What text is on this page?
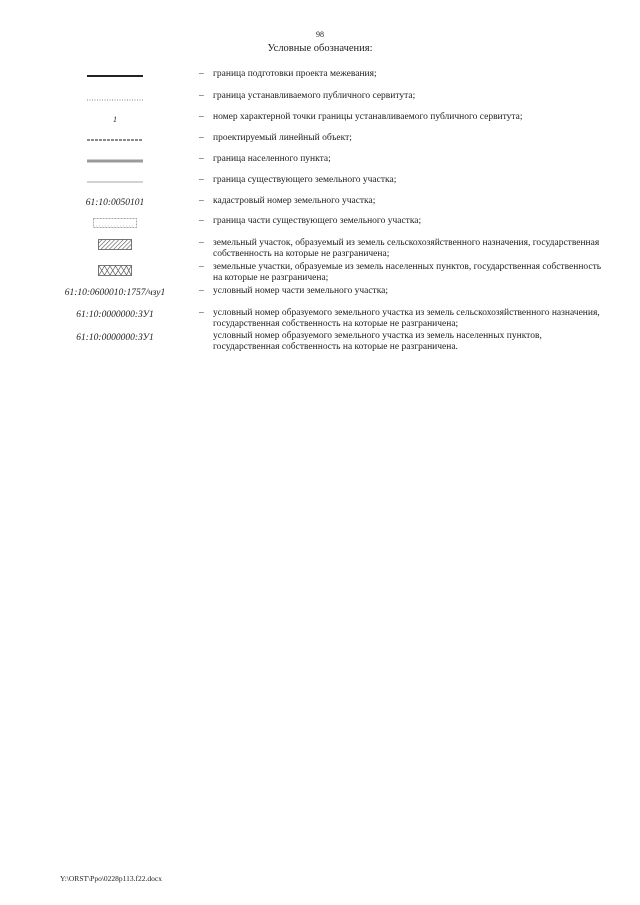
98
Условные обозначения:
– граница подготовки проекта межевания;
– граница устанавливаемого публичного сервитута;
1	– номер характерной точки границы устанавливаемого публичного сервитута;
– проектируемый линейный объект;
– граница населенного пункта;
– граница существующего земельного участка;
61:10:0050101	– кадастровый номер земельного участка;
– граница части существующего земельного участка;
– земельный участок, образуемый из земель сельскохозяйственного назначения, государственная собственность на которые не разграничена;
– земельные участки, образуемые из земель населенных пунктов, государственная собственность на которые не разграничена;
61:10:0600010:1757/чзу1	– условный номер части земельного участка;
61:10:0000000:ЗУ1	– условный номер образуемого земельного участка из земель сельскохозяйственного назначения, государственная собственность на которые не разграничена;
61:10:0000000:ЗУ1	условный номер образуемого земельного участка из земель населенных пунктов, государственная собственность на которые не разграничена.
Y:\ORST\Ppo\0228p113.f22.docx
